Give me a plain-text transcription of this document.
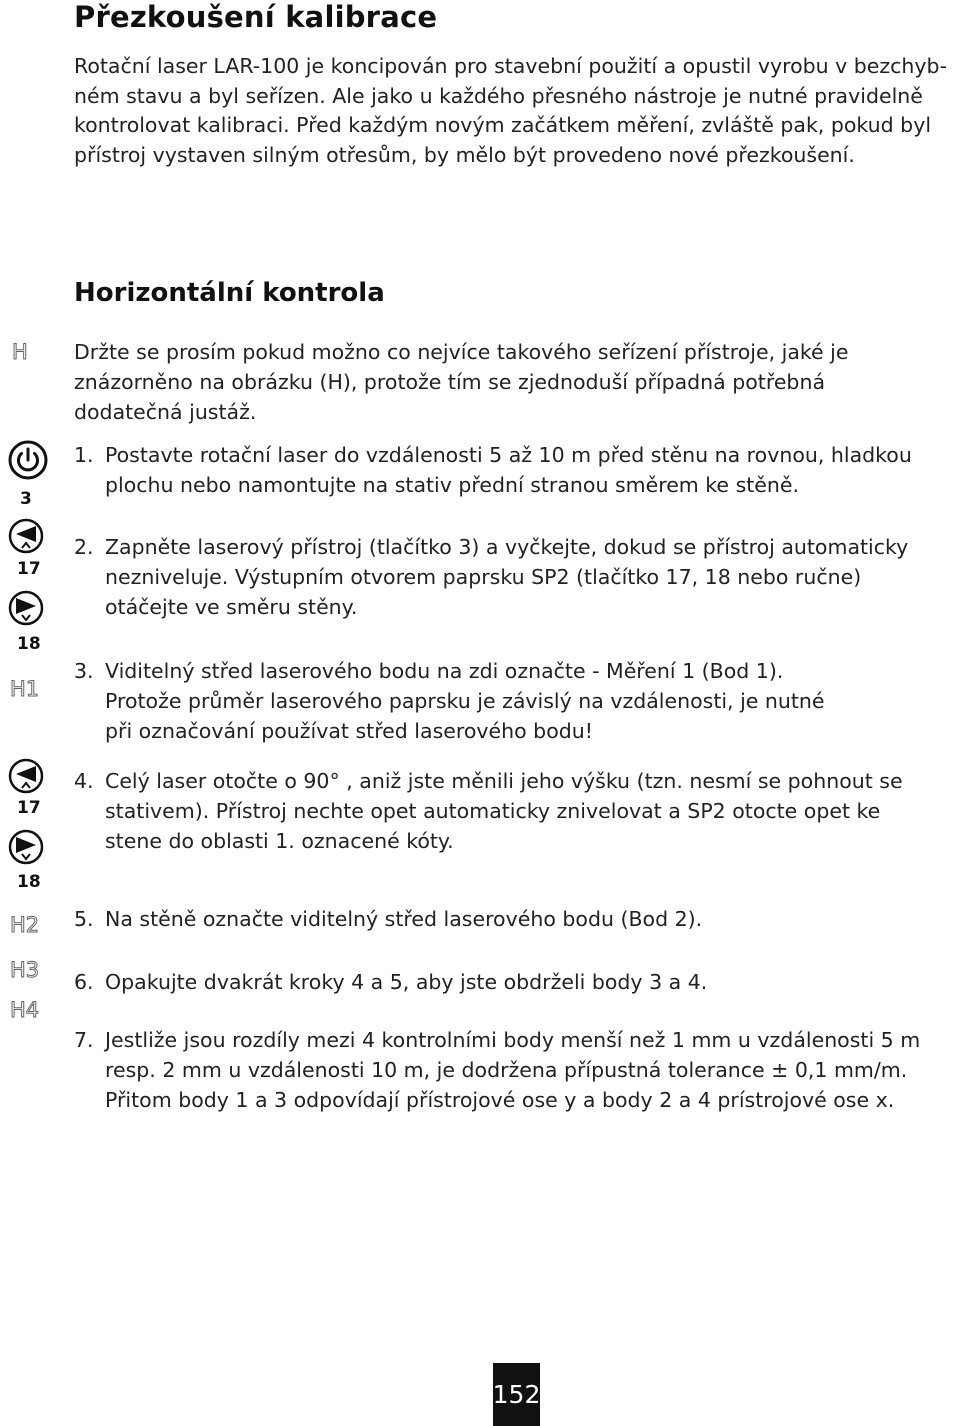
Přezkoušení kalibrace
Rotační laser LAR-100 je koncipován pro stavební použití a opustil vyrobu v bezchyb-
ném stavu a byl seřízen. Ale jako u každého přesného nástroje je nutné pravidelně
kontrolovat kalibraci. Před každým novým začátkem měření, zvláště pak, pokud byl
přístroj vystaven silným otřesům, by mělo být provedeno nové přezkoušení.
Horizontální kontrola
Držte se prosím pokud možno co nejvíce takového seřízení přístroje, jaké je
znázorněno na obrázku (H), protože tím se zjednoduší případná potřebná
dodatečná justáž.
1. Postavte rotační laser do vzdálenosti 5 až 10 m před stěnu na rovnou, hladkou
plochu nebo namontujte na stativ přední stranou směrem ke stěně.
2. Zapněte laserový přístroj (tlačítko 3) a vyčkejte, dokud se přístroj automaticky
nezniveluje. Výstupním otvorem paprsku SP2 (tlačítko 17, 18 nebo ručne)
otáčejte ve směru stěny.
3. Viditelný střed laserového bodu na zdi označte - Měření 1 (Bod 1).
Protože průměr laserového paprsku je závislý na vzdálenosti, je nutné
při označování používat střed laserového bodu!
4. Celý laser otočte o 90° , aniž jste měnili jeho výšku (tzn. nesmí se pohnout se
stativem). Přístroj nechte opet automaticky znivelovat a SP2 otocte opet ke
stene do oblasti 1. oznacené kóty.
5. Na stěně označte viditelný střed laserového bodu (Bod 2).
6. Opakujte dvakrát kroky 4 a 5, aby jste obdrželi body 3 a 4.
7. Jestliže jsou rozdíly mezi 4 kontrolními body menší než 1 mm u vzdálenosti 5 m
resp. 2 mm u vzdálenosti 10 m, je dodržena přípustná tolerance ± 0,1 mm/m.
Přitom body 1 a 3 odpovídají přístrojové ose y a body 2 a 4 prístrojové ose x.
H
3
17
18
H1
17
18
H2
H3
H4
152
